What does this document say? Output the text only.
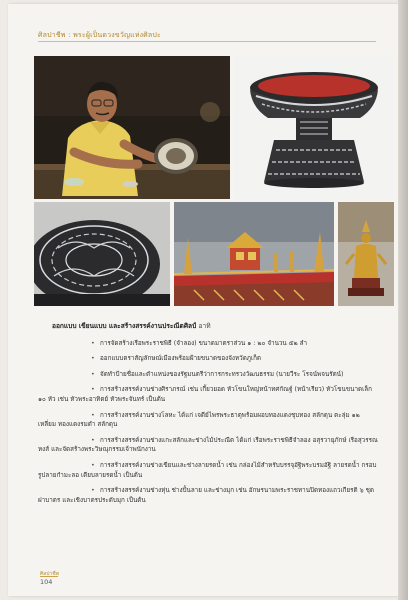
ศิลปาชีพ : พระผู้เป็นดวงขวัญแห่งศิลปะ
ออกแบบ เขียนแบบ และสร้างสรรค์งานประณีตศิลป์ อาทิ
• การจัดสร้างเรือพระราชพิธี (จำลอง) ขนาดมาตราส่วน ๑ : ๒๐ จำนวน ๕๒ ลำ
• ออกแบบตราสัญลักษณ์เมืองพร้อมฝ้ายขนาดของจังหวัดภูเก็ต
• จัดทำป้ายชื่อและตำแหน่งของรัฐมนตรีว่าการกระทรวงวัฒนธรรม (นายวีระ โรจน์พจนรัตน์)
• การสร้างสรรค์งานช่างศิราภรณ์ เช่น เกี้ยวยอด หัวโขนใหญ่หน้าทศกัณฐ์ (หน้าเรียว) หัวโขนขนาดเล็ก ๑๐ หัว เช่น หัวพระอาทิตย์ หัวพระจันทร์ เป็นต้น
• การสร้างสรรค์งานช่างโลหะ ได้แก่ เจดีย์ไพรพระธาตุพร้อมผอบทองแดงชุบทอง สลักดุน ตะลุ่ม ๑๒ เหลี่ยม ทองแดงรมดำ สลักดุน
• การสร้างสรรค์งานช่างแกะสลักและช่างไม้ประณีต ได้แก่ เรือพระราชพิธีจำลอง อสุรวายุภักษ์ เรือสุวรรณหงส์ และจัดสร้างพระวิษณุกรรมเจ้าพนักงาน
• การสร้างสรรค์งานช่างเขียนและช่างลายรดน้ำ เช่น กล่องไม้สำหรับบรรจุอัฐิพระบรมอัฐิ ลายรดน้ำ กรอบรูปลายกำมะลอ เตียบลายรดน้ำ เป็นต้น
• การสร้างสรรค์งานช่างหุ่น ช่างปั้นลาย และช่างมุก เช่น อักษรนามพระราชทานปิดทองแถวเกียรติ ๖ ชุด ฝาบาตร และเชิงบาตรประดับมุก เป็นต้น
ศิลปาชีพ
104
